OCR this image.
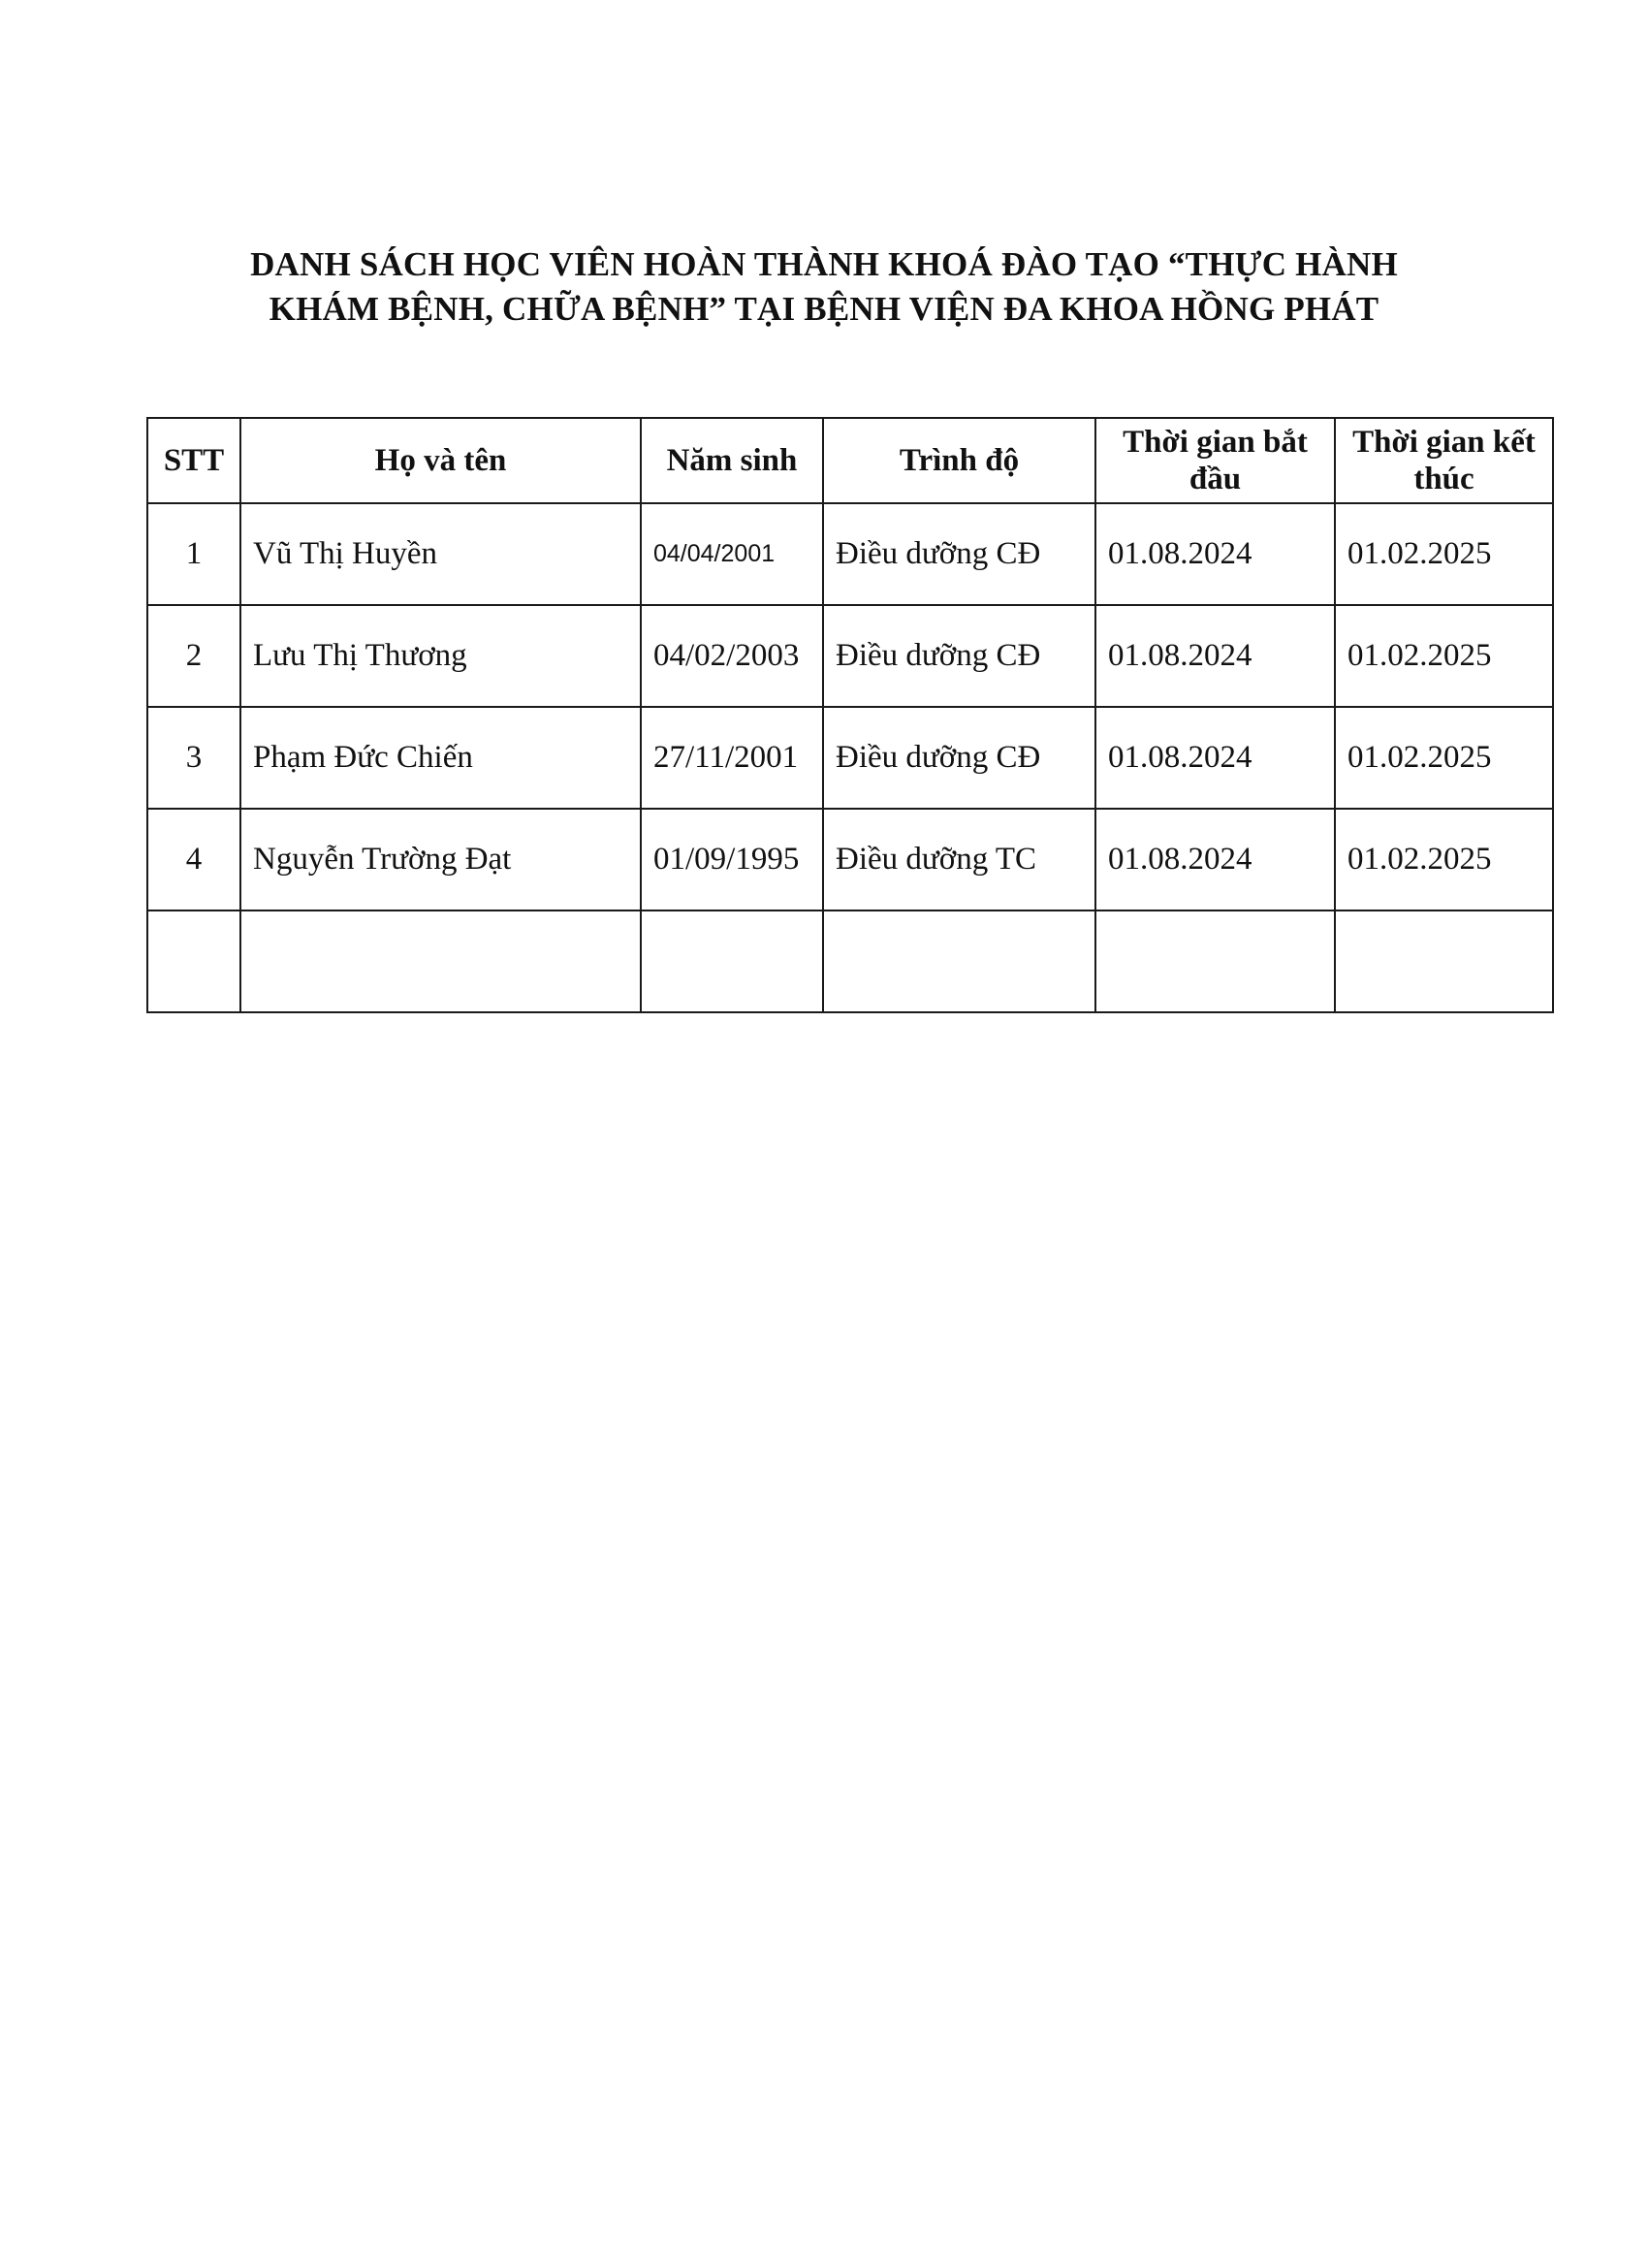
DANH SÁCH HỌC VIÊN HOÀN THÀNH KHOÁ ĐÀO TẠO “THỰC HÀNH
KHÁM BỆNH, CHỮA BỆNH” TẠI BỆNH VIỆN ĐA KHOA HỒNG PHÁT
STT	Họ và tên	Năm sinh	Trình độ	Thời gian bắt đầu	Thời gian kết thúc
1	Vũ Thị Huyền	04/04/2001	Điều dưỡng CĐ	01.08.2024	01.02.2025
2	Lưu Thị Thương	04/02/2003	Điều dưỡng CĐ	01.08.2024	01.02.2025
3	Phạm Đức Chiến	27/11/2001	Điều dưỡng CĐ	01.08.2024	01.02.2025
4	Nguyễn Trường Đạt	01/09/1995	Điều dưỡng TC	01.08.2024	01.02.2025
